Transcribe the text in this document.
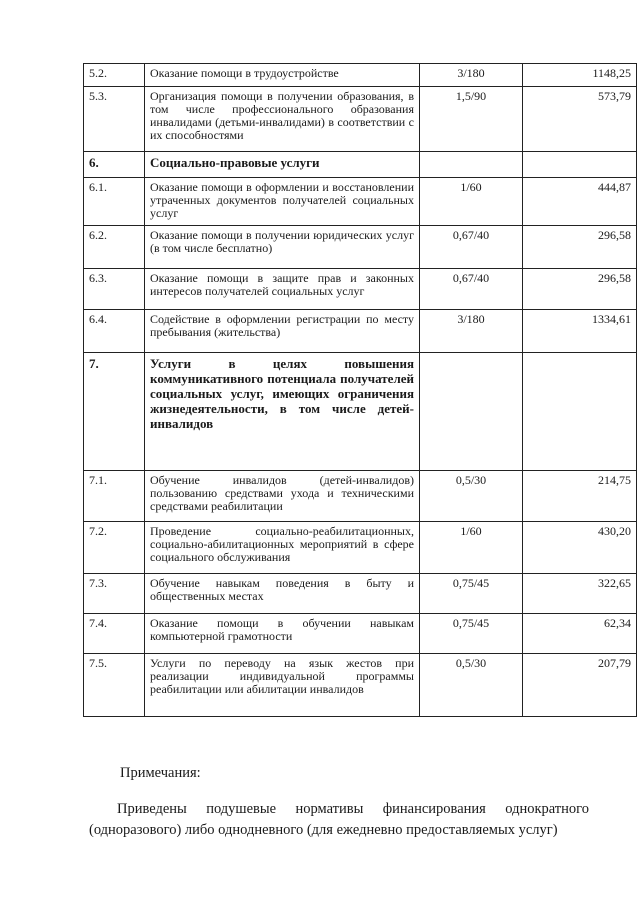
5.2.	Оказание помощи в трудоустройстве	3/180	1148,25
5.3.	Организация помощи в получении образования, в том числе профессионального образования инвалидами (детьми-инвалидами) в соответствии с их способностями	1,5/90	573,79
6.	Социально-правовые услуги		
6.1.	Оказание помощи в оформлении и восстановлении утраченных документов получателей социальных услуг	1/60	444,87
6.2.	Оказание помощи в получении юридических услуг (в том числе бесплатно)	0,67/40	296,58
6.3.	Оказание помощи в защите прав и законных интересов получателей социальных услуг	0,67/40	296,58
6.4.	Содействие в оформлении регистрации по месту пребывания (жительства)	3/180	1334,61
7.	Услуги в целях повышения коммуникативного потенциала получателей социальных услуг, имеющих ограничения жизнедеятельности, в том числе детей-инвалидов		
7.1.	Обучение инвалидов (детей-инвалидов) пользованию средствами ухода и техническими средствами реабилитации	0,5/30	214,75
7.2.	Проведение социально-реабилитационных, социально-абилитационных мероприятий в сфере социального обслуживания	1/60	430,20
7.3.	Обучение навыкам поведения в быту и общественных местах	0,75/45	322,65
7.4.	Оказание помощи в обучении навыкам компьютерной грамотности	0,75/45	62,34
7.5.	Услуги по переводу на язык жестов при реализации индивидуальной программы реабилитации или абилитации инвалидов	0,5/30	207,79
Примечания:
Приведены подушевые нормативы финансирования однократного (одноразового) либо однодневного (для ежедневно предоставляемых услуг)
